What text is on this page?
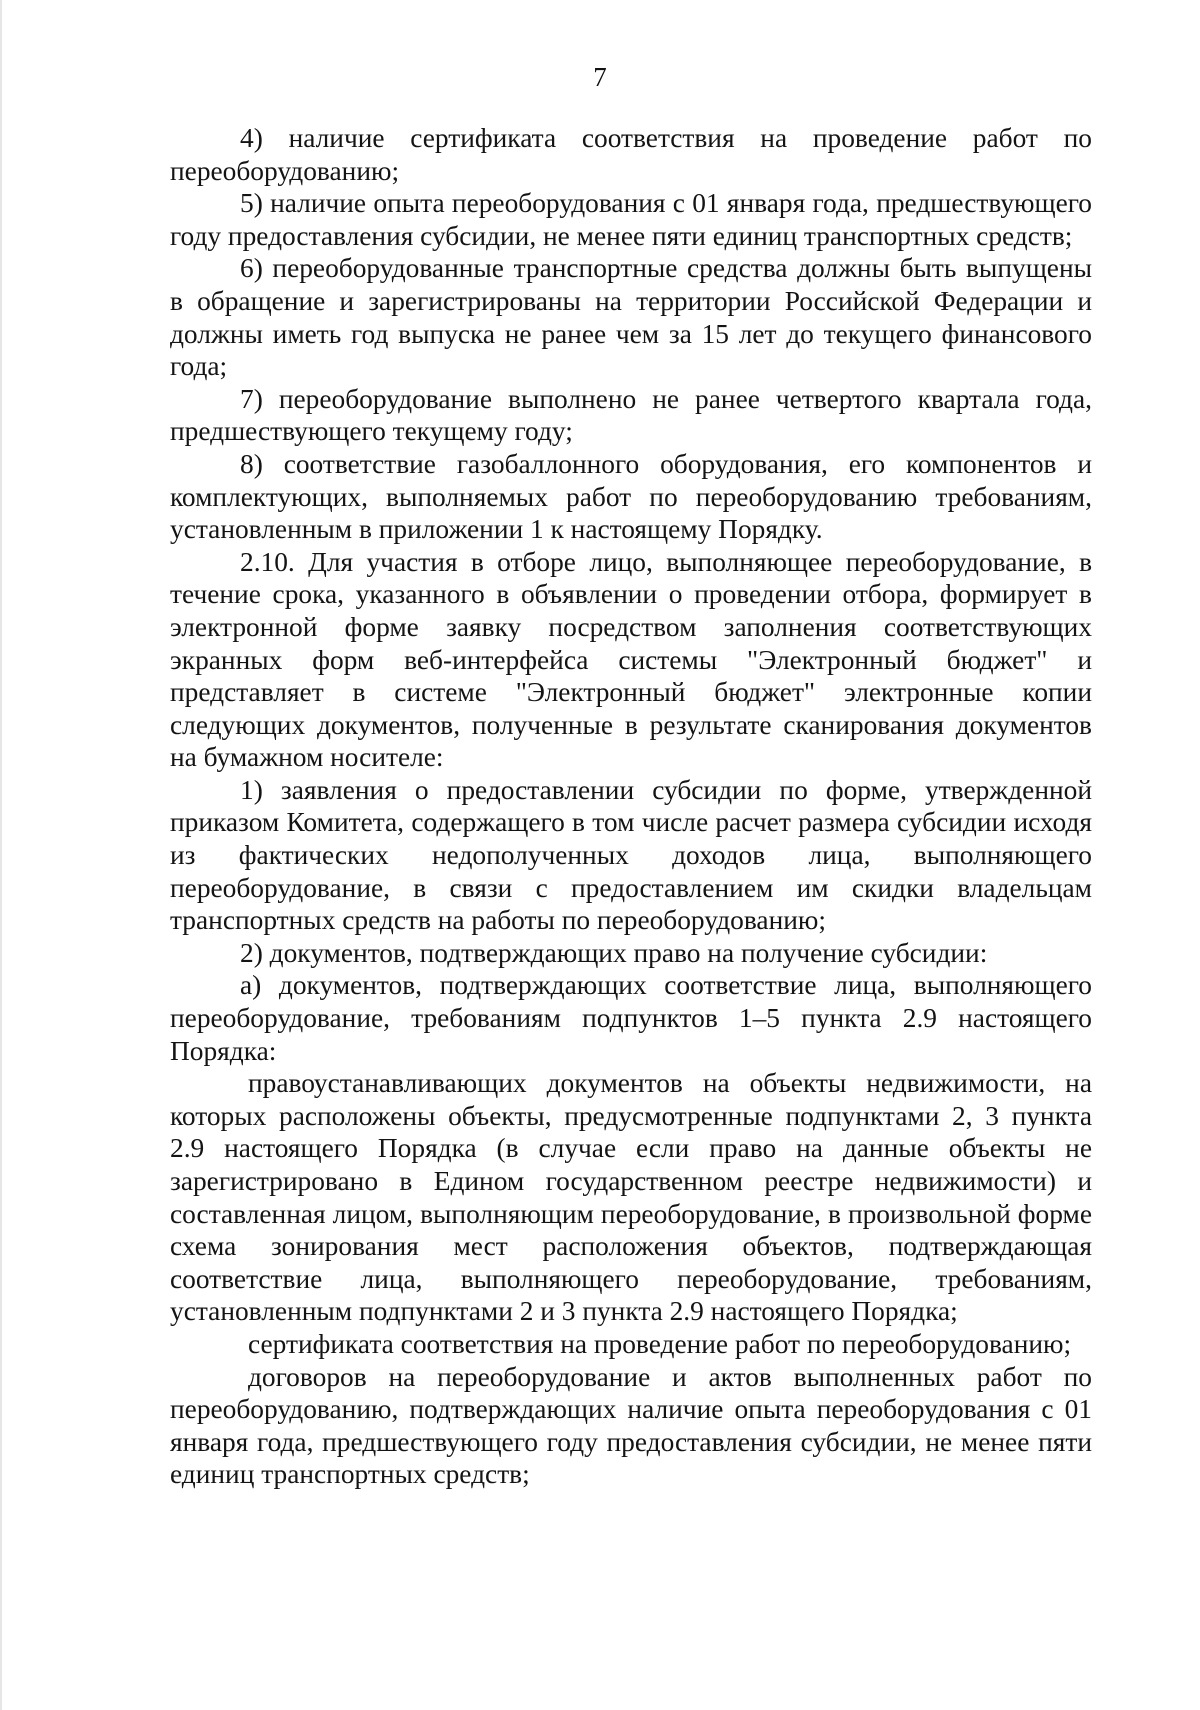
7

4) наличие сертификата соответствия на проведение работ по переоборудованию;

5) наличие опыта переоборудования с 01 января года, предшествующего году предоставления субсидии, не менее пяти единиц транспортных средств;

6) переоборудованные транспортные средства должны быть выпущены в обращение и зарегистрированы на территории Российской Федерации и должны иметь год выпуска не ранее чем за 15 лет до текущего финансового года;

7) переоборудование выполнено не ранее четвертого квартала года, предшествующего текущему году;

8) соответствие газобаллонного оборудования, его компонентов и комплектующих, выполняемых работ по переоборудованию требованиям, установленным в приложении 1 к настоящему Порядку.

2.10. Для участия в отборе лицо, выполняющее переоборудование, в течение срока, указанного в объявлении о проведении отбора, формирует в электронной форме заявку посредством заполнения соответствующих экранных форм веб-интерфейса системы "Электронный бюджет" и представляет в системе "Электронный бюджет" электронные копии следующих документов, полученные в результате сканирования документов на бумажном носителе:

1) заявления о предоставлении субсидии по форме, утвержденной приказом Комитета, содержащего в том числе расчет размера субсидии исходя из фактических недополученных доходов лица, выполняющего переоборудование, в связи с предоставлением им скидки владельцам транспортных средств на работы по переоборудованию;

2) документов, подтверждающих право на получение субсидии:

а) документов, подтверждающих соответствие лица, выполняющего переоборудование, требованиям подпунктов 1–5 пункта 2.9 настоящего Порядка:

правоустанавливающих документов на объекты недвижимости, на которых расположены объекты, предусмотренные подпунктами 2, 3 пункта 2.9 настоящего Порядка (в случае если право на данные объекты не зарегистрировано в Едином государственном реестре недвижимости) и составленная лицом, выполняющим переоборудование, в произвольной форме схема зонирования мест расположения объектов, подтверждающая соответствие лица, выполняющего переоборудование, требованиям, установленным подпунктами 2 и 3 пункта 2.9 настоящего Порядка;

сертификата соответствия на проведение работ по переоборудованию;

договоров на переоборудование и актов выполненных работ по переоборудованию, подтверждающих наличие опыта переоборудования с 01 января года, предшествующего году предоставления субсидии, не менее пяти единиц транспортных средств;
